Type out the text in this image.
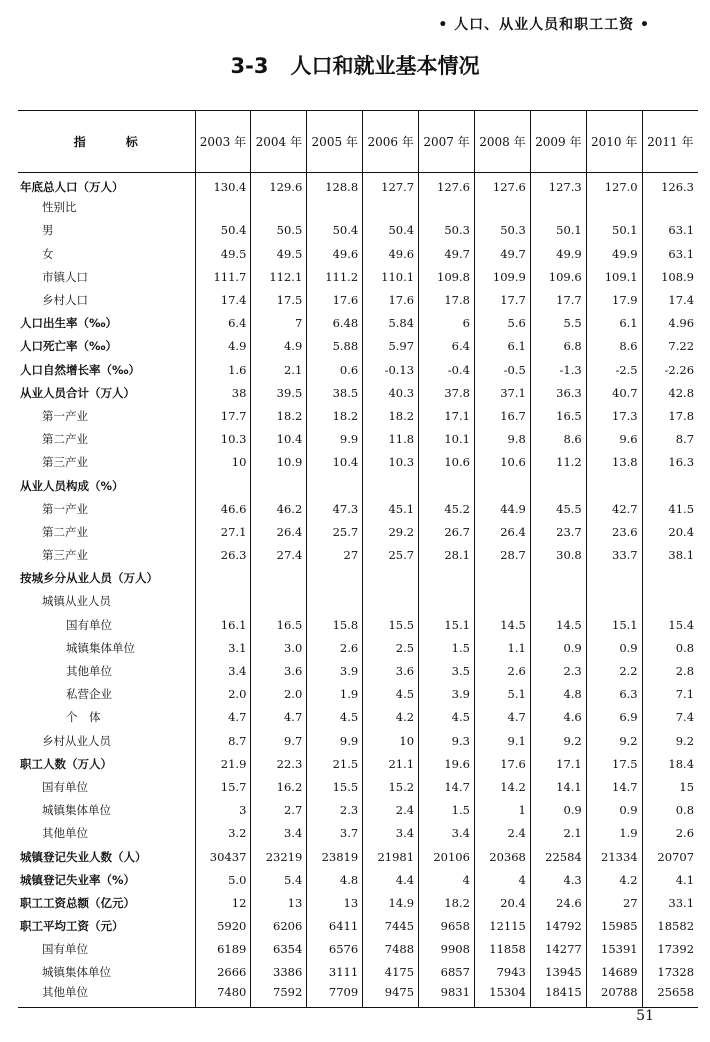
• 人口、从业人员和职工工资 •
3-3 人口和就业基本情况
指标	2003 年	2004 年	2005 年	2006 年	2007 年	2008 年	2009 年	2010 年	2011 年
年底总人口（万人）	130.4	129.6	128.8	127.7	127.6	127.6	127.3	127.0	126.3
性别比									
男	50.4	50.5	50.4	50.4	50.3	50.3	50.1	50.1	63.1
女	49.5	49.5	49.6	49.6	49.7	49.7	49.9	49.9	63.1
市镇人口	111.7	112.1	111.2	110.1	109.8	109.9	109.6	109.1	108.9
乡村人口	17.4	17.5	17.6	17.6	17.8	17.7	17.7	17.9	17.4
人口出生率（‰）	6.4	7	6.48	5.84	6	5.6	5.5	6.1	4.96
人口死亡率（‰）	4.9	4.9	5.88	5.97	6.4	6.1	6.8	8.6	7.22
人口自然增长率（‰）	1.6	2.1	0.6	-0.13	-0.4	-0.5	-1.3	-2.5	-2.26
从业人员合计（万人）	38	39.5	38.5	40.3	37.8	37.1	36.3	40.7	42.8
第一产业	17.7	18.2	18.2	18.2	17.1	16.7	16.5	17.3	17.8
第二产业	10.3	10.4	9.9	11.8	10.1	9.8	8.6	9.6	8.7
第三产业	10	10.9	10.4	10.3	10.6	10.6	11.2	13.8	16.3
从业人员构成（%）									
第一产业	46.6	46.2	47.3	45.1	45.2	44.9	45.5	42.7	41.5
第二产业	27.1	26.4	25.7	29.2	26.7	26.4	23.7	23.6	20.4
第三产业	26.3	27.4	27	25.7	28.1	28.7	30.8	33.7	38.1
按城乡分从业人员（万人）									
城镇从业人员									
国有单位	16.1	16.5	15.8	15.5	15.1	14.5	14.5	15.1	15.4
城镇集体单位	3.1	3.0	2.6	2.5	1.5	1.1	0.9	0.9	0.8
其他单位	3.4	3.6	3.9	3.6	3.5	2.6	2.3	2.2	2.8
私营企业	2.0	2.0	1.9	4.5	3.9	5.1	4.8	6.3	7.1
个　体	4.7	4.7	4.5	4.2	4.5	4.7	4.6	6.9	7.4
乡村从业人员	8.7	9.7	9.9	10	9.3	9.1	9.2	9.2	9.2
职工人数（万人）	21.9	22.3	21.5	21.1	19.6	17.6	17.1	17.5	18.4
国有单位	15.7	16.2	15.5	15.2	14.7	14.2	14.1	14.7	15
城镇集体单位	3	2.7	2.3	2.4	1.5	1	0.9	0.9	0.8
其他单位	3.2	3.4	3.7	3.4	3.4	2.4	2.1	1.9	2.6
城镇登记失业人数（人）	30437	23219	23819	21981	20106	20368	22584	21334	20707
城镇登记失业率（%）	5.0	5.4	4.8	4.4	4	4	4.3	4.2	4.1
职工工资总额（亿元）	12	13	13	14.9	18.2	20.4	24.6	27	33.1
职工平均工资（元）	5920	6206	6411	7445	9658	12115	14792	15985	18582
国有单位	6189	6354	6576	7488	9908	11858	14277	15391	17392
城镇集体单位	2666	3386	3111	4175	6857	7943	13945	14689	17328
其他单位	7480	7592	7709	9475	9831	15304	18415	20788	25658
51
